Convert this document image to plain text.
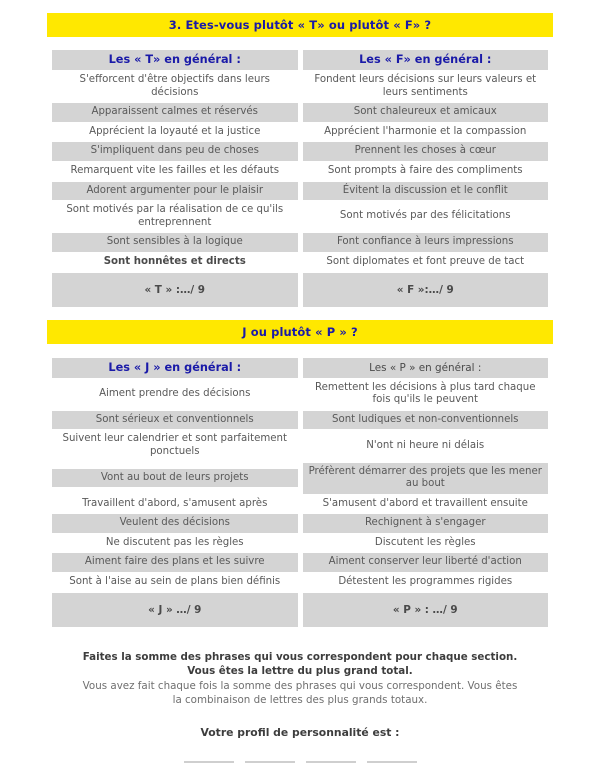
3. Etes-vous plutôt « T» ou plutôt « F» ?
Les « T» en général :	Les « F» en général :

S'efforcent d'être objectifs dans leurs décisions	Fondent leurs décisions sur leurs valeurs et leurs sentiments

Apparaissent calmes et réservés	Sont chaleureux et amicaux

Apprécient la loyauté et la justice	Apprécient l'harmonie et la compassion

S'impliquent dans peu de choses	Prennent les choses à cœur

Remarquent vite les failles et les défauts	Sont prompts à faire des compliments

Adorent argumenter pour le plaisir	Évitent la discussion et le conflit

Sont motivés par la réalisation de ce qu'ils entreprennent	Sont motivés par des félicitations

Sont sensibles à la logique	Font confiance à leurs impressions

Sont honnêtes et directs	Sont diplomates et font preuve de tact

« T » :…/ 9	« F »:…/ 9
J ou plutôt « P » ?
Les « J » en général :	Les « P » en général :

Aiment prendre des décisions	Remettent les décisions à plus tard chaque fois qu'ils le peuvent

Sont sérieux et conventionnels	Sont ludiques et non-conventionnels

Suivent leur calendrier et sont parfaitement ponctuels	N'ont ni heure ni délais

Vont au bout de leurs projets	Préfèrent démarrer des projets que les mener au bout

Travaillent d'abord, s'amusent après	S'amusent d'abord et travaillent ensuite

Veulent des décisions	Rechignent à s'engager

Ne discutent pas les règles	Discutent les règles

Aiment faire des plans et les suivre	Aiment conserver leur liberté d'action

Sont à l'aise au sein de plans bien définis	Détestent les programmes rigides

« J » …/ 9	« P » : …/ 9
Faites la somme des phrases qui vous correspondent pour chaque section.
Vous êtes la lettre du plus grand total.
Vous avez fait chaque fois la somme des phrases qui vous correspondent. Vous êtes la combinaison de lettres des plus grands totaux.
Votre profil de personnalité est :
